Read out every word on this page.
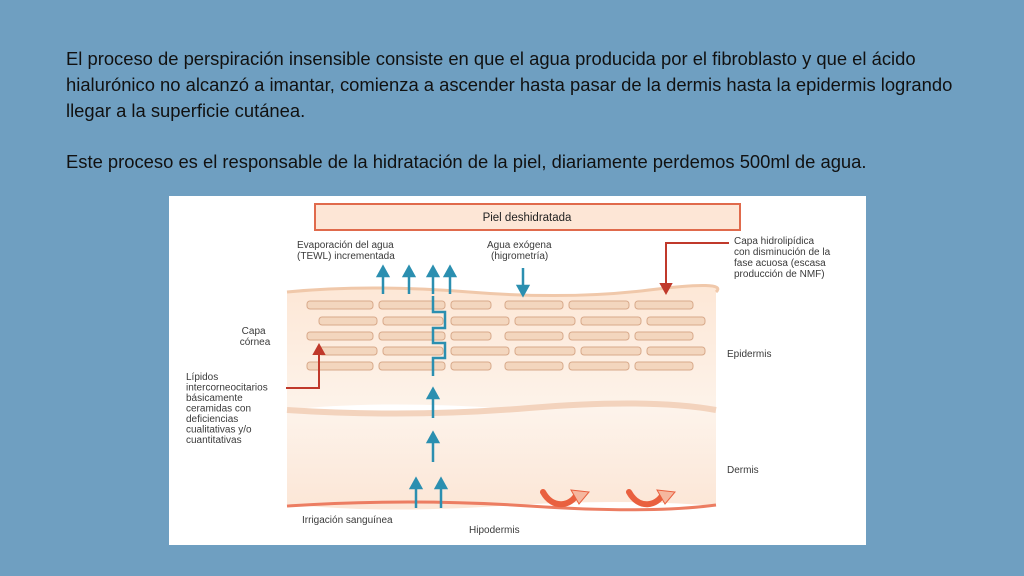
El proceso de perspiración insensible consiste en que el agua producida por el fibroblasto y que el ácido hialurónico no alcanzó a imantar, comienza a ascender hasta pasar de la dermis hasta la epidermis logrando llegar a la superficie cutánea.

Este proceso es el responsable de la hidratación de la piel, diariamente perdemos 500ml de agua.

Piel deshidratada
Evaporación del agua (TEWL) incrementada
Agua exógena (higrometría)
Capa hidrolipídica con disminución de la fase acuosa (escasa producción de NMF)
Capa córnea
Lípidos intercorneocitarios básicamente ceramidas con deficiencias cualitativas y/o cuantitativas
Epidermis
Dermis
Irrigación sanguínea
Hipodermis
